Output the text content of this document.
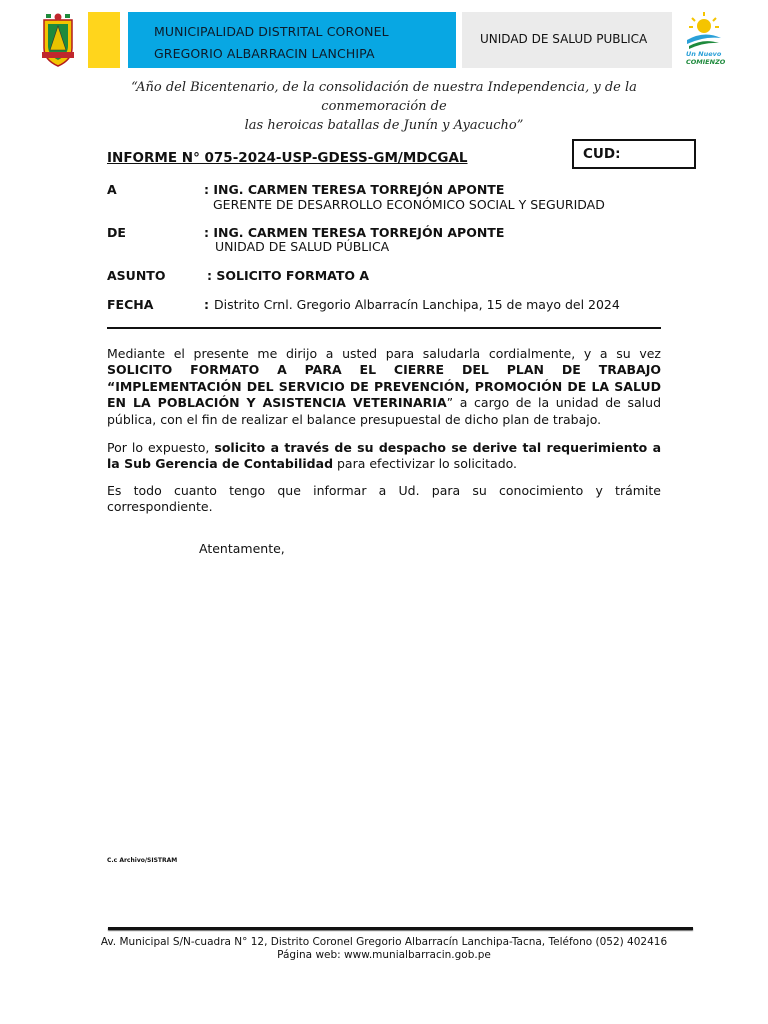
MUNICIPALIDAD DISTRITAL CORONEL
GREGORIO ALBARRACIN LANCHIPA
UNIDAD DE SALUD PUBLICA
Un Nuevo
COMIENZO
“Año del Bicentenario, de la consolidación de nuestra Independencia, y de la conmemoración de
las heroicas batallas de Junín y Ayacucho”
INFORME N° 075-2024-USP-GDESS-GM/MDCGAL	CUD:
A	: ING. CARMEN TERESA TORREJÓN APONTE
GERENTE DE DESARROLLO ECONÓMICO SOCIAL Y SEGURIDAD
DE	: ING. CARMEN TERESA TORREJÓN APONTE
UNIDAD DE SALUD PÚBLICA
ASUNTO	: SOLICITO FORMATO A
FECHA	: Distrito Crnl. Gregorio Albarracín Lanchipa, 15 de mayo del 2024
Mediante el presente me dirijo a usted para saludarla cordialmente, y a su vez SOLICITO FORMATO A PARA EL CIERRE DEL PLAN DE TRABAJO “IMPLEMENTACIÓN DEL SERVICIO DE PREVENCIÓN, PROMOCIÓN DE LA SALUD EN LA POBLACIÓN Y ASISTENCIA VETERINARIA” a cargo de la unidad de salud pública, con el fin de realizar el balance presupuestal de dicho plan de trabajo.
Por lo expuesto, solicito a través de su despacho se derive tal requerimiento a la Sub Gerencia de Contabilidad para efectivizar lo solicitado.
Es todo cuanto tengo que informar a Ud. para su conocimiento y trámite correspondiente.
Atentamente,
C.c Archivo/SISTRAM
Av. Municipal S/N-cuadra N° 12, Distrito Coronel Gregorio Albarracín Lanchipa-Tacna, Teléfono (052) 402416
Página web: www.munialbarracin.gob.pe
